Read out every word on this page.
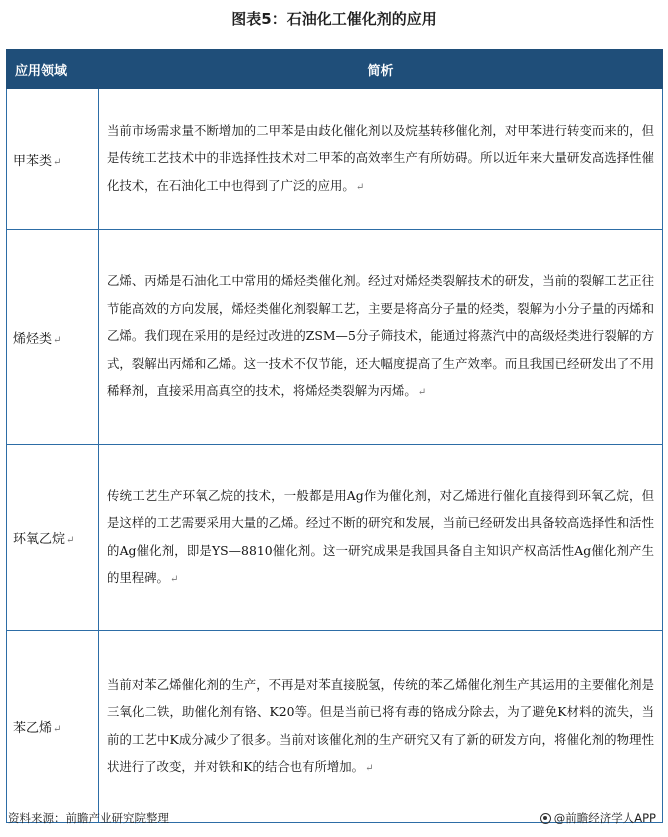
图表5：石油化工催化剂的应用
应用领域	简析
甲苯类↵	当前市场需求量不断增加的二甲苯是由歧化催化剂以及烷基转移催化剂，对甲苯进行转变而来的，但是传统工艺技术中的非选择性技术对二甲苯的高效率生产有所妨碍。所以近年来大量研发高选择性催化技术，在石油化工中也得到了广泛的应用。↵
烯烃类↵	乙烯、丙烯是石油化工中常用的烯烃类催化剂。经过对烯烃类裂解技术的研发，当前的裂解工艺正往节能高效的方向发展，烯烃类催化剂裂解工艺，主要是将高分子量的烃类，裂解为小分子量的丙烯和乙烯。我们现在采用的是经过改进的ZSM—5分子筛技术，能通过将蒸汽中的高级烃类进行裂解的方式，裂解出丙烯和乙烯。这一技术不仅节能，还大幅度提高了生产效率。而且我国已经研发出了不用稀释剂，直接采用高真空的技术，将烯烃类裂解为丙烯。↵
环氧乙烷↵	传统工艺生产环氧乙烷的技术，一般都是用Ag作为催化剂，对乙烯进行催化直接得到环氧乙烷，但是这样的工艺需要采用大量的乙烯。经过不断的研究和发展，当前已经研发出具备较高选择性和活性的Ag催化剂，即是YS—8810催化剂。这一研究成果是我国具备自主知识产权高活性Ag催化剂产生的里程碑。↵
苯乙烯↵	当前对苯乙烯催化剂的生产，不再是对苯直接脱氢，传统的苯乙烯催化剂生产其运用的主要催化剂是三氧化二铁，助催化剂有铬、K20等。但是当前已将有毒的铬成分除去，为了避免K材料的流失，当前的工艺中K成分减少了很多。当前对该催化剂的生产研究又有了新的研发方向，将催化剂的物理性状进行了改变，并对铁和K的结合也有所增加。↵
资料来源：前瞻产业研究院整理	@前瞻经济学人APP
